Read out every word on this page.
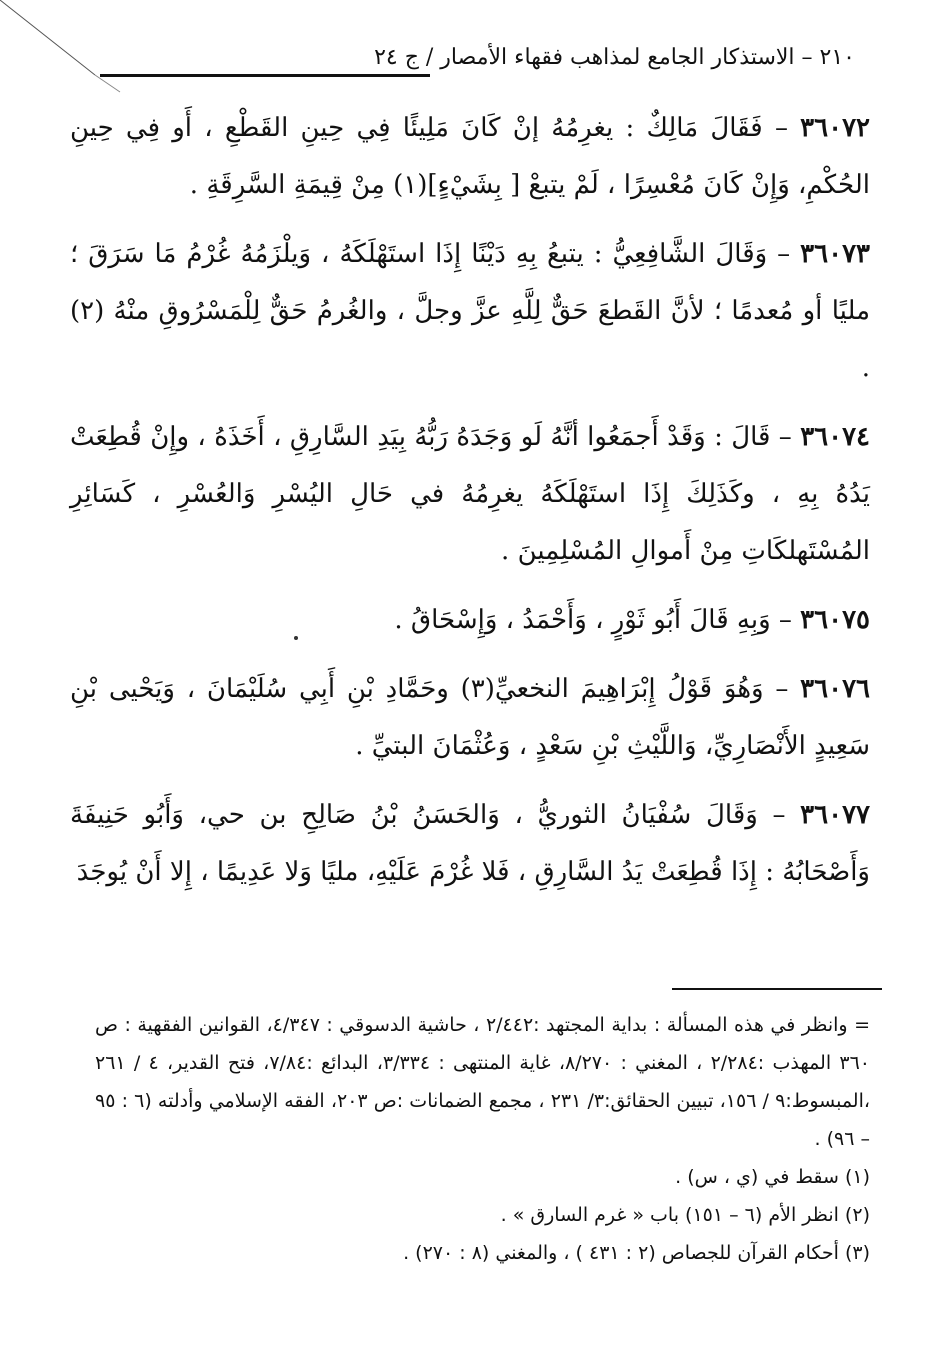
٢١٠ – الاستذكار الجامع لمذاهب فقهاء الأمصار / ج ٢٤

٣٦٠٧٢ – فَقَالَ مَالِكٌ : يغرِمُهُ إنْ كَانَ مَلِيئًا فِي حِينِ القَطْعِ ، أَو فِي حِينِ الحُكْمِ، وَإِنْ كَانَ مُعْسِرًا ، لَمْ يتبعْ [ بِشَيْءٍ](١) مِنْ قِيمَةِ السَّرِقَةِ .

٣٦٠٧٣ – وَقَالَ الشَّافِعِيُّ : يتبعُ بِهِ دَيْنًا إِذَا استَهْلَكَهُ ، وَيلْزَمُهُ غُرْمُ مَا سَرَقَ ؛ مليًا أو مُعدمًا ؛ لأنَّ القَطعَ حَقٌّ لِلَّهِ عزَّ وجلَّ ، والغُرمُ حَقٌّ لِلْمَسْرُوقِ منْهُ (٢) .

٣٦٠٧٤ – قَالَ : وَقَدْ أَجمَعُوا أنَّهُ لَو وَجَدَهُ رَبُّهُ بِيَدِ السَّارِقِ ، أَخَذَهُ ، وإِنْ قُطِعَتْ يَدُهُ بِهِ ، وكَذَلِكَ إِذَا استَهْلَكَهُ يغرِمُهُ في حَالِ اليُسْرِ وَالعُسْرِ ، كَسَائِرِ المُسْتَهلكَاتِ مِنْ أَموالِ المُسْلِمِينَ .

٣٦٠٧٥ – وَبِهِ قَالَ أَبُو ثَوْرٍ ، وَأَحْمَدُ ، وَإِسْحَاقُ .

٣٦٠٧٦ – وَهُوَ قَوْلُ إِبْرَاهِيمَ النخعيِّ(٣) وحَمَّادِ بْنِ أَبِي سُلَيْمَانَ ، وَيَحْيى بْنِ سَعِيدٍ الأَنْصَارِيِّ، وَاللَّيْثِ بْنِ سَعْدٍ ، وَعُثْمَانَ البتيِّ .

٣٦٠٧٧ – وَقَالَ سُفْيَانُ الثوريُّ ، وَالحَسَنُ بْنُ صَالِحِ بن حي، وَأَبُو حَنِيفَةَ وَأَصْحَابُهُ : إِذَا قُطِعَتْ يَدُ السَّارِقِ ، فَلا غُرْمَ عَلَيْهِ، مليًا وَلا عَدِيمًا ، إِلا أَنْ يُوجَدَ

= وانظر في هذه المسألة : بداية المجتهد :٢/٤٤٢ ، حاشية الدسوقي : ٤/٣٤٧، القوانين الفقهية : ص ٣٦٠ المهذب :٢/٢٨٤ ، المغني : ٨/٢٧٠، غاية المنتهى : ٣/٣٣٤، البدائع :٧/٨٤، فتح القدير، ٤ / ٢٦١ ،المبسوط:٩ / ١٥٦، تبيين الحقائق:٣/ ٢٣١ ، مجمع الضمانات :ص ٢٠٣، الفقه الإسلامي وأدلته (٦ : ٩٥ – ٩٦) .

(١) سقط في (ي ، س) .

(٢) انظر الأم (٦ – ١٥١) باب « غرم السارق » .

(٣) أحكام القرآن للجصاص (٢ : ٤٣١ ) ، والمغني (٨ : ٢٧٠) .
